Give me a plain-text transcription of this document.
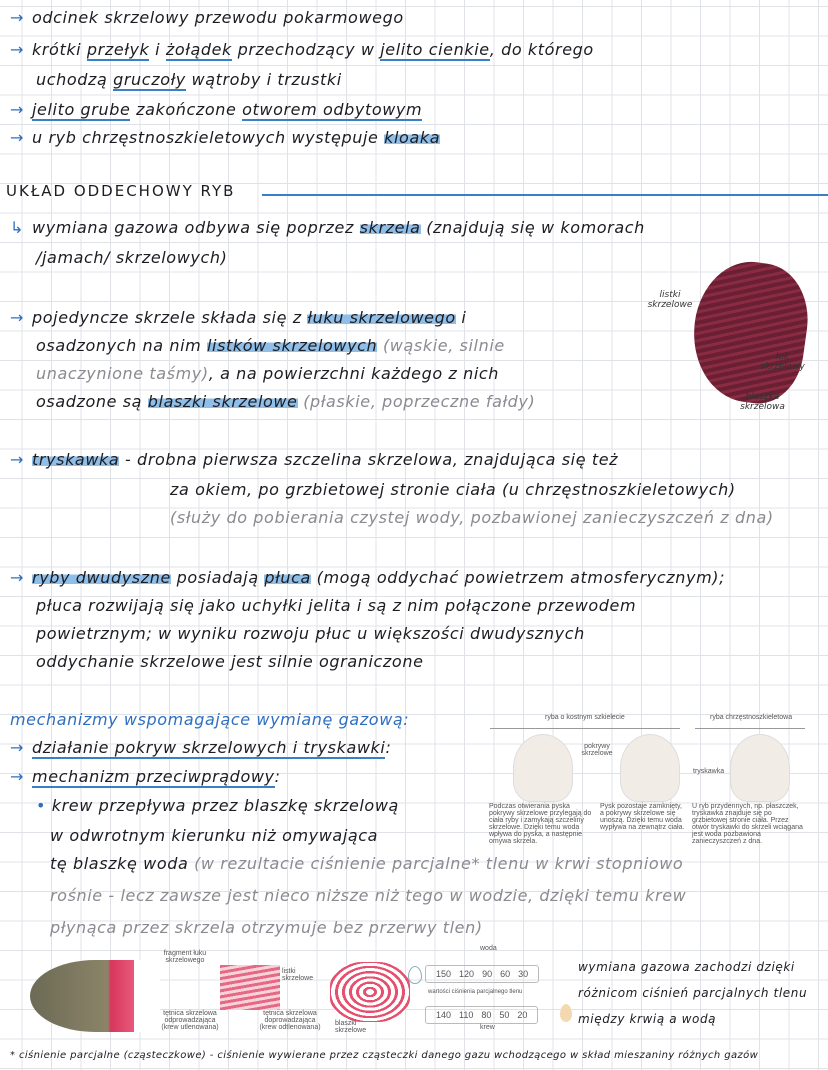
→ odcinek skrzelowy przewodu pokarmowego
→ krótki przełyk i żołądek przechodzący w jelito cienkie, do którego
uchodzą gruczoły wątroby i trzustki
→ jelito grube zakończone otworem odbytowym
→ u ryb chrzęstnoszkieletowych występuje kloaka
↳ wymiana gazowa odbywa się poprzez skrzela (znajdują się w komorach
/jamach/ skrzelowych)
→ pojedyncze skrzele składa się z łuku skrzelowego i
osadzonych na nim listków skrzelowych (wąskie, silnie
unaczynione taśmy), a na powierzchni każdego z nich
osadzone są blaszki skrzelowe (płaskie, poprzeczne fałdy)
→ tryskawka - drobna pierwsza szczelina skrzelowa, znajdująca się też
za okiem, po grzbietowej stronie ciała (u chrzęstnoszkieletowych)
(służy do pobierania czystej wody, pozbawionej zanieczyszczeń z dna)
→ ryby dwudyszne posiadają płuca (mogą oddychać powietrzem atmosferycznym);
płuca rozwijają się jako uchyłki jelita i są z nim połączone przewodem
powietrznym; w wyniku rozwoju płuc u większości dwudysznych
oddychanie skrzelowe jest silnie ograniczone
mechanizmy wspomagające wymianę gazową:
→ działanie pokryw skrzelowych i tryskawki:
→ mechanizm przeciwprądowy:
• krew przepływa przez blaszkę skrzelową
w odwrotnym kierunku niż omywająca
tę blaszkę woda (w rezultacie ciśnienie parcjalne* tlenu w krwi stopniowo
rośnie - lecz zawsze jest nieco niższe niż tego w wodzie, dzięki temu krew
płynąca przez skrzela otrzymuje bez przerwy tlen)
wymiana gazowa zachodzi dzięki
różnicom ciśnień parcjalnych tlenu
między krwią a wodą
UKŁAD ODDECHOWY RYB
listki skrzelowe
łuk skrzelowy
blaszka skrzelowa
ryba o kostnym szkielecie	ryba chrzęstnoszkieletowa
pokrywy skrzelowe
tryskawka
Podczas otwierania pyska pokrywy skrzelowe przylegają do ciała ryby i zamykają szczeliny skrzelowe. Dzięki temu woda wpływa do pyska, a następnie omywa skrzela.
Pysk pozostaje zamknięty, a pokrywy skrzelowe się unoszą. Dzięki temu woda wypływa na zewnątrz ciała.
U ryb przydennych, np. płaszczek, tryskawka znajduje się po grzbietowej stronie ciała. Przez otwór tryskawki do skrzeli wciągana jest woda pozbawiona zanieczyszczeń z dna.
fragment łuku skrzelowego
listki skrzelowe
tętnica skrzelowa odprowadzająca (krew utlenowana)
tętnica skrzelowa doprowadzająca (krew odtlenowana)
blaszki skrzelowe
woda
150 120 90 60 30
wartości ciśnienia parcjalnego tlenu
140 110 80 50 20
krew
* ciśnienie parcjalne (cząsteczkowe) - ciśnienie wywierane przez cząsteczki danego gazu wchodzącego w skład mieszaniny różnych gazów
